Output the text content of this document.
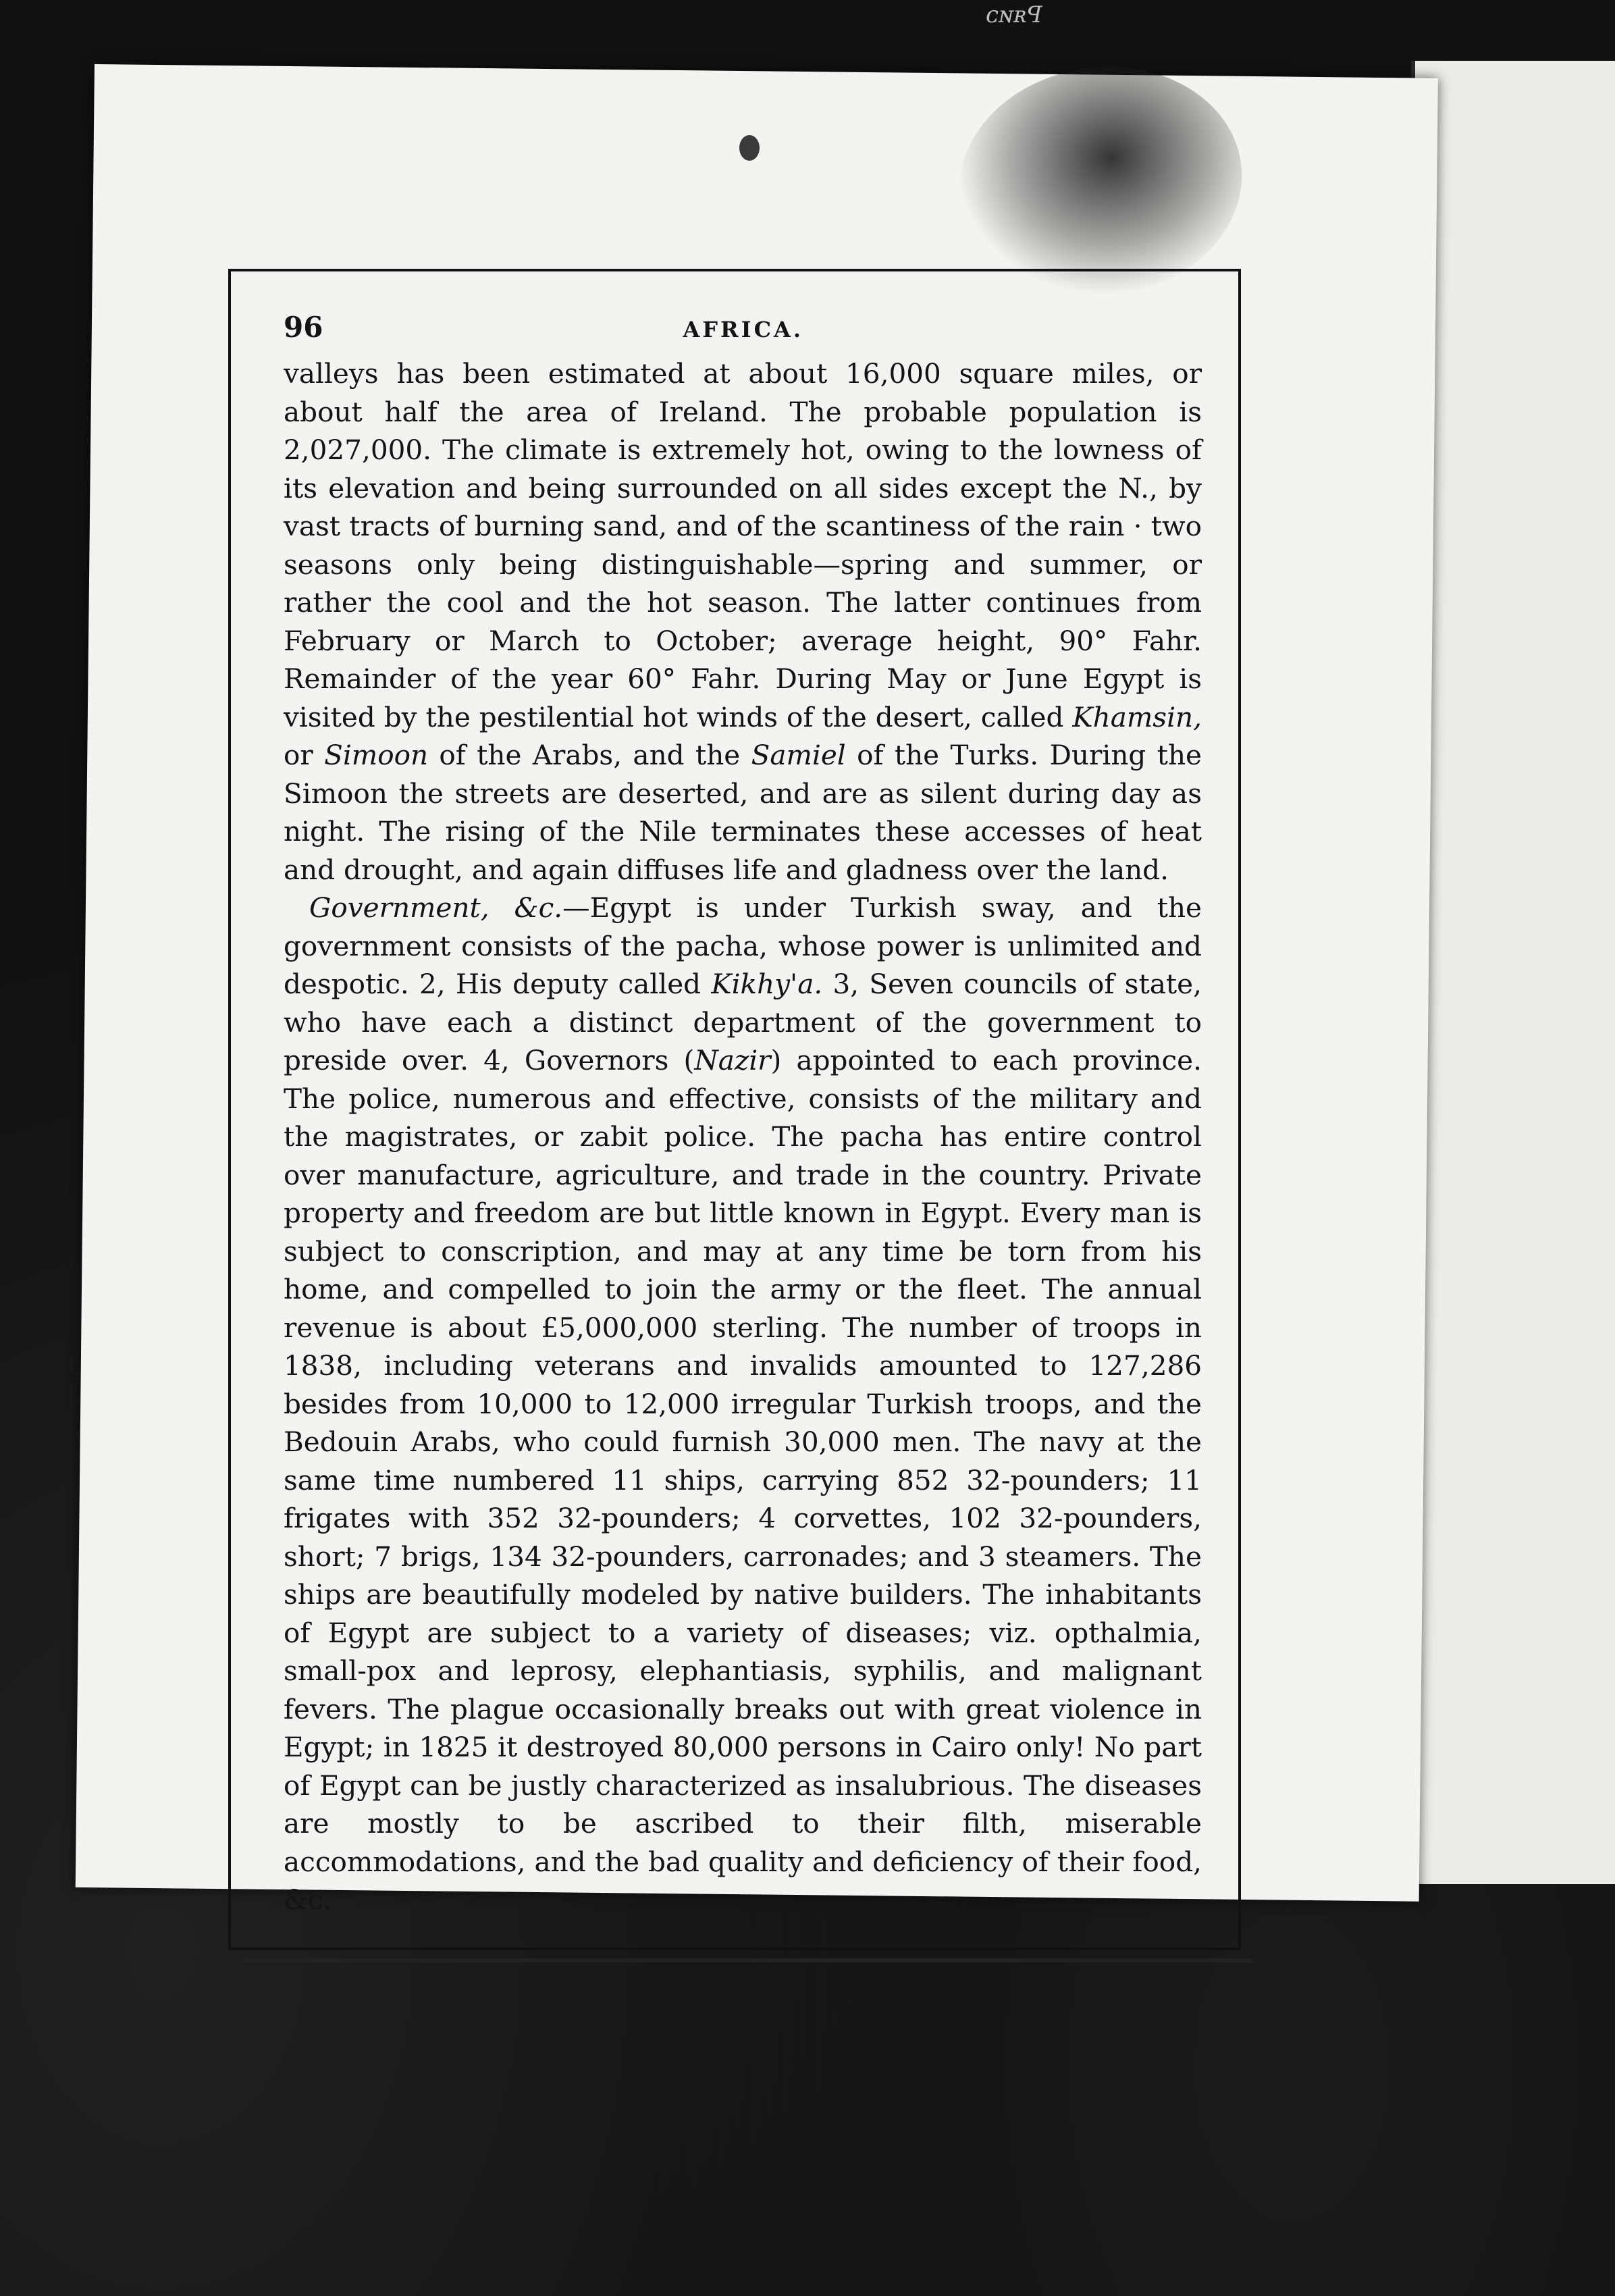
ᴄɴʀꟼ
96	AFRICA.

valleys has been estimated at about 16,000 square miles, or about half the area of Ireland. The probable population is 2,027,000. The climate is extremely hot, owing to the lowness of its elevation and being surrounded on all sides except the N., by vast tracts of burning sand, and of the scantiness of the rain · two seasons only being distinguishable—spring and summer, or rather the cool and the hot season. The latter continues from February or March to October; average height, 90° Fahr. Remainder of the year 60° Fahr. During May or June Egypt is visited by the pestilential hot winds of the desert, called Khamsin, or Simoon of the Arabs, and the Samiel of the Turks. During the Simoon the streets are deserted, and are as silent during day as night. The rising of the Nile terminates these accesses of heat and drought, and again diffuses life and gladness over the land.

Government, &c.—Egypt is under Turkish sway, and the government consists of the pacha, whose power is unlimited and despotic. 2, His deputy called Kikhy'a. 3, Seven councils of state, who have each a distinct department of the government to preside over. 4, Governors (Nazir) appointed to each province. The police, numerous and effective, consists of the military and the magistrates, or zabit police. The pacha has entire control over manufacture, agriculture, and trade in the country. Private property and freedom are but little known in Egypt. Every man is subject to conscription, and may at any time be torn from his home, and compelled to join the army or the fleet. The annual revenue is about £5,000,000 sterling. The number of troops in 1838, including veterans and invalids amounted to 127,286 besides from 10,000 to 12,000 irregular Turkish troops, and the Bedouin Arabs, who could furnish 30,000 men. The navy at the same time numbered 11 ships, carrying 852 32-pounders; 11 frigates with 352 32-pounders; 4 corvettes, 102 32-pounders, short; 7 brigs, 134 32-pounders, carronades; and 3 steamers. The ships are beautifully modeled by native builders. The inhabitants of Egypt are subject to a variety of diseases; viz. opthalmia, small-pox and leprosy, elephantiasis, syphilis, and malignant fevers. The plague occasionally breaks out with great violence in Egypt; in 1825 it destroyed 80,000 persons in Cairo only! No part of Egypt can be justly characterized as insalubrious. The diseases are mostly to be ascribed to their filth, miserable accommodations, and the bad quality and deficiency of their food, &c.
